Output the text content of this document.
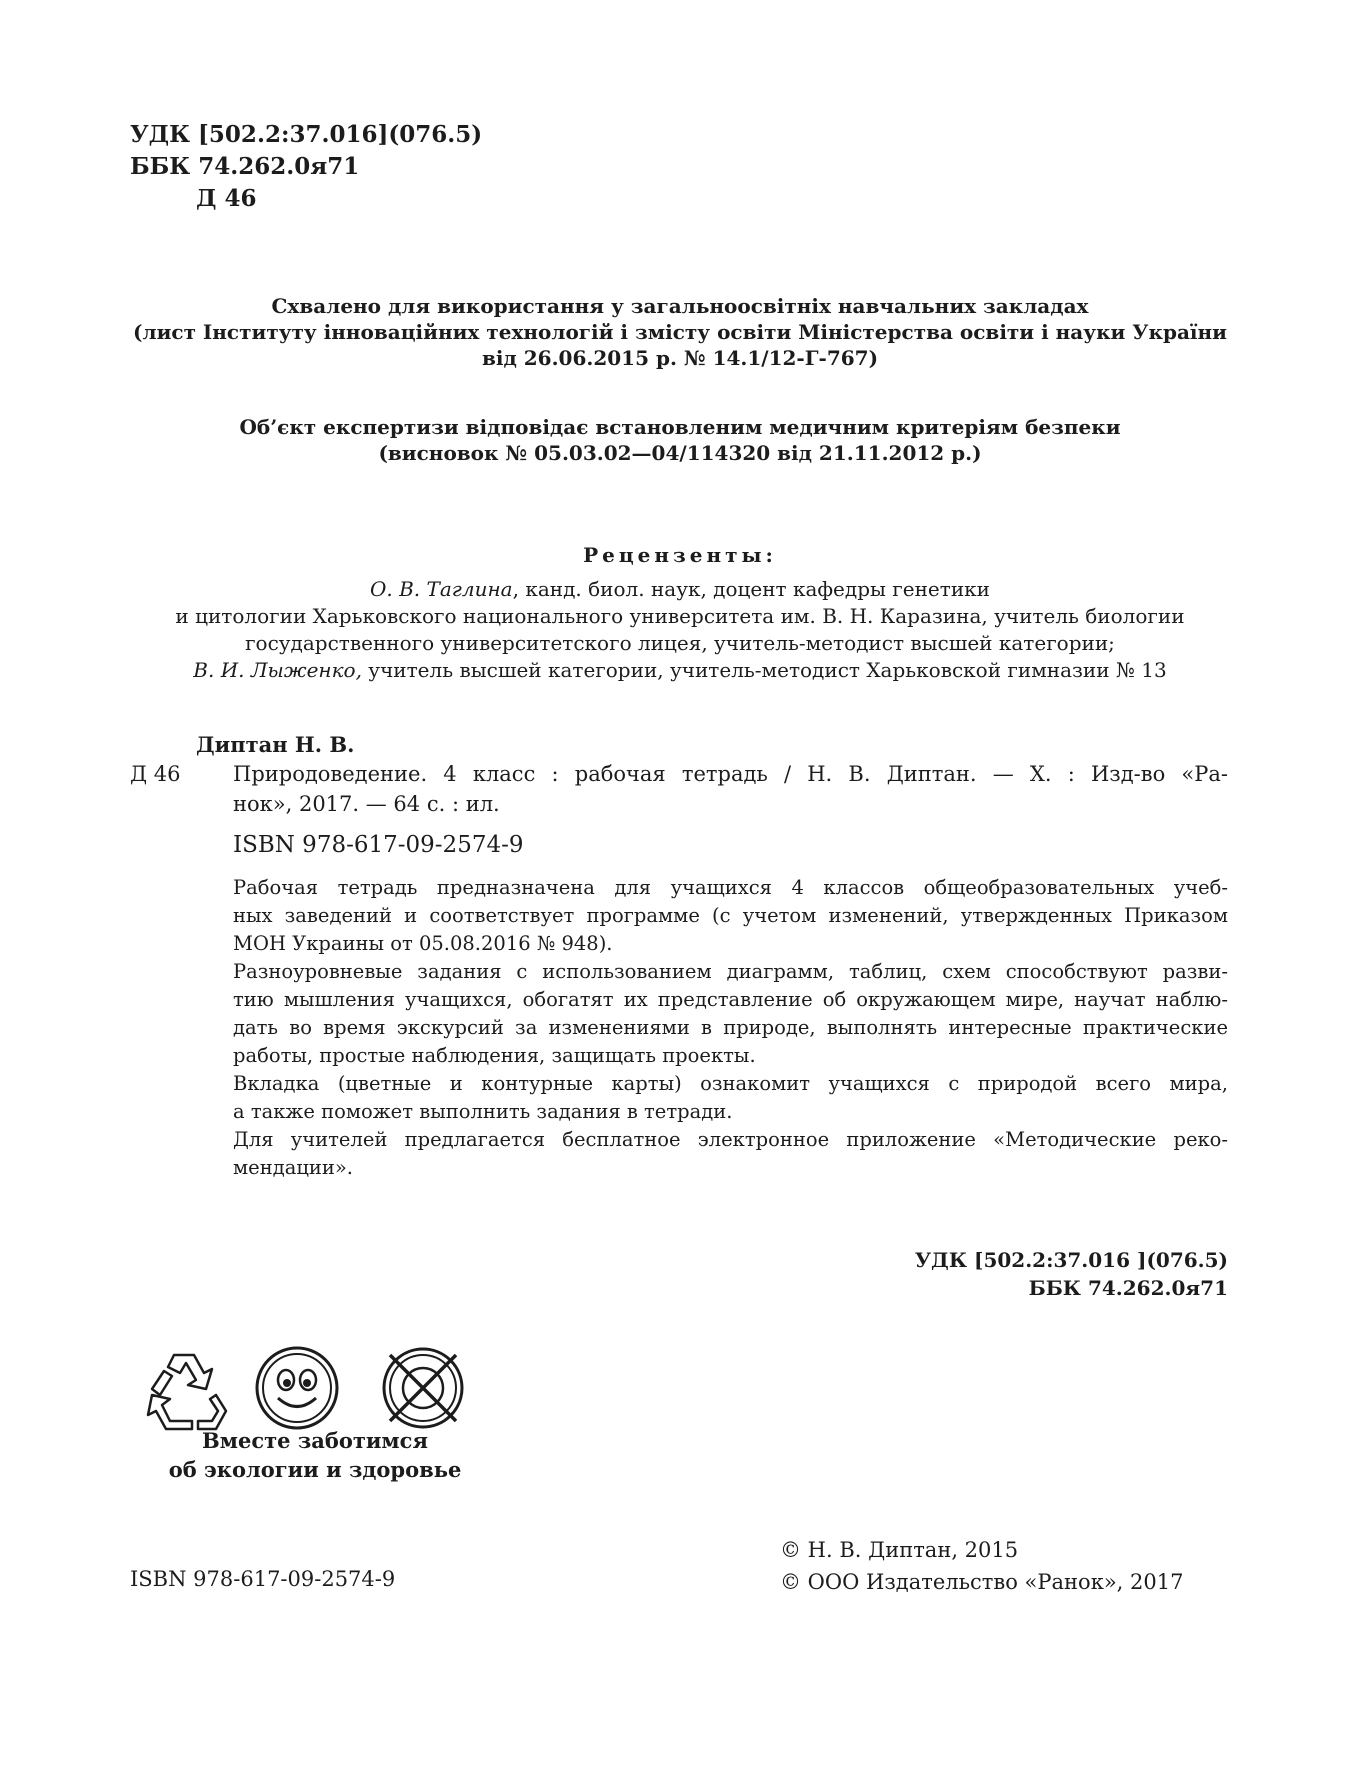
УДК [502.2:37.016](076.5)
ББК 74.262.0я71
Д 46
Схвалено для використання у загальноосвітніх навчальних закладах
(лист Інституту інноваційних технологій і змісту освіти Міністерства освіти і науки України
від 26.06.2015 р. № 14.1/12-Г-767)
Об’єкт експертизи відповідає встановленим медичним критеріям безпеки
(висновок № 05.03.02—04/114320 від 21.11.2012 р.)
Рецензенты:
О. В. Таглина, канд. биол. наук, доцент кафедры генетики
и цитологии Харьковского национального университета им. В. Н. Каразина, учитель биологии
государственного университетского лицея, учитель-методист высшей категории;
В. И. Лыженко, учитель высшей категории, учитель-методист Харьковской гимназии № 13
Диптан Н. В.
Д 46	Природоведение. 4 класс : рабочая тетрадь / Н. В. Диптан. — Х. : Изд-во «Ра-
нок», 2017. — 64 с. : ил.
ISBN 978-617-09-2574-9
Рабочая тетрадь предназначена для учащихся 4 классов общеобразовательных учеб-
ных заведений и соответствует программе (с учетом изменений, утвержденных Приказом
МОН Украины от 05.08.2016 № 948).
Разноуровневые задания с использованием диаграмм, таблиц, схем способствуют разви-
тию мышления учащихся, обогатят их представление об окружающем мире, научат наблю-
дать во время экскурсий за изменениями в природе, выполнять интересные практические
работы, простые наблюдения, защищать проекты.
Вкладка (цветные и контурные карты) ознакомит учащихся с природой всего мира,
а также поможет выполнить задания в тетради.
Для учителей предлагается бесплатное электронное приложение «Методические реко-
мендации».
УДК [502.2:37.016 ](076.5)
ББК 74.262.0я71
Вместе заботимся
об экологии и здоровье
© Н. В. Диптан, 2015
© ООО Издательство «Ранок», 2017
ISBN 978-617-09-2574-9
